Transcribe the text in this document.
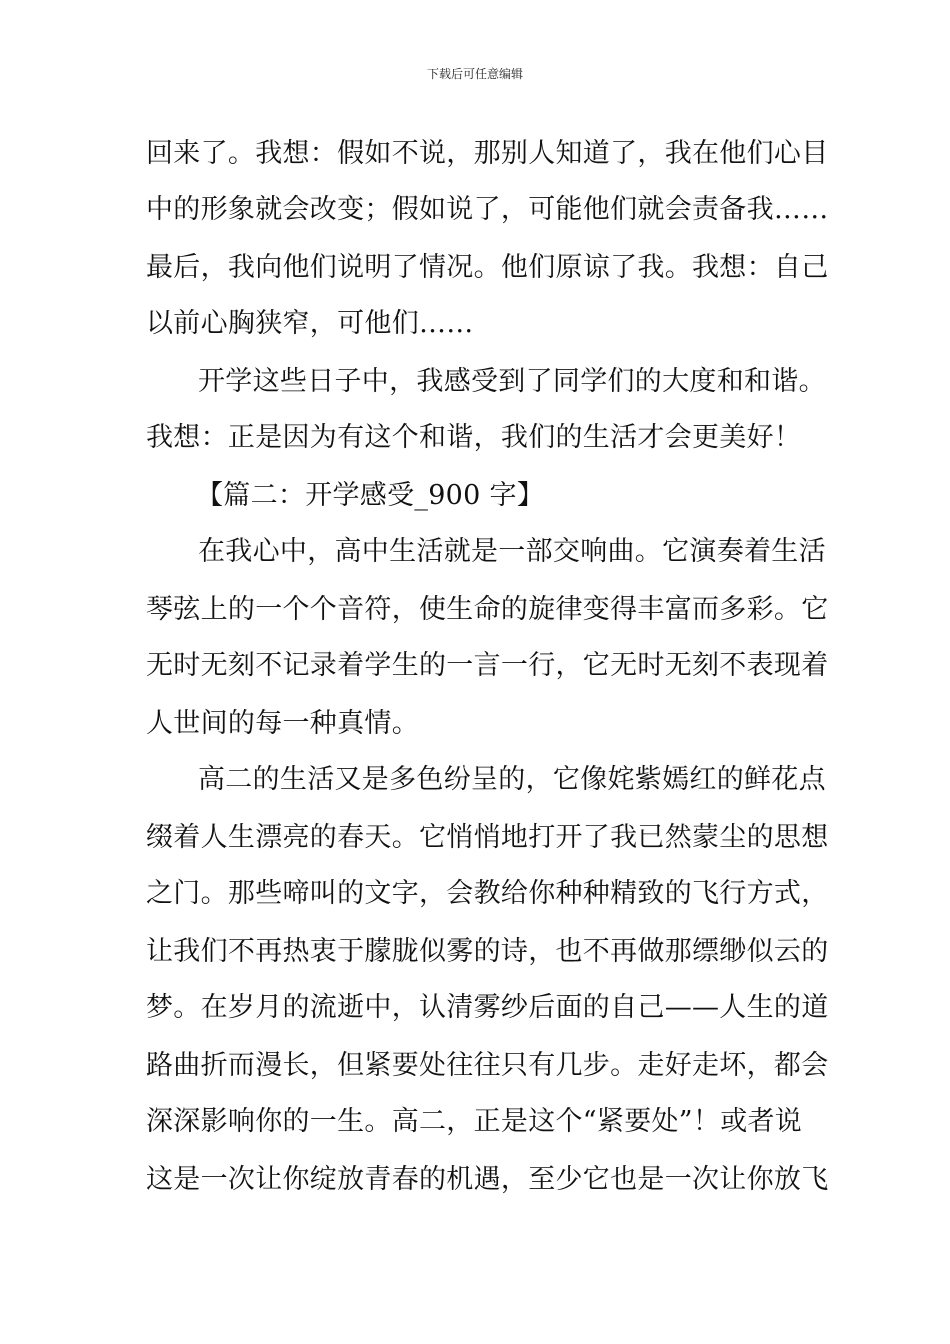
下载后可任意编辑
回来了。我想：假如不说，那别人知道了，我在他们心目
中的形象就会改变；假如说了，可能他们就会责备我……
最后，我向他们说明了情况。他们原谅了我。我想：自己
以前心胸狭窄，可他们……
开学这些日子中，我感受到了同学们的大度和和谐。
我想：正是因为有这个和谐，我们的生活才会更美好！
【篇二：开学感受_900 字】
在我心中，高中生活就是一部交响曲。它演奏着生活
琴弦上的一个个音符，使生命的旋律变得丰富而多彩。它
无时无刻不记录着学生的一言一行，它无时无刻不表现着
人世间的每一种真情。
高二的生活又是多色纷呈的，它像姹紫嫣红的鲜花点
缀着人生漂亮的春天。它悄悄地打开了我已然蒙尘的思想
之门。那些啼叫的文字，会教给你种种精致的飞行方式，
让我们不再热衷于朦胧似雾的诗，也不再做那缥缈似云的
梦。在岁月的流逝中，认清雾纱后面的自己——人生的道
路曲折而漫长，但紧要处往往只有几步。走好走坏，都会
深深影响你的一生。高二，正是这个“紧要处”！或者说
这是一次让你绽放青春的机遇，至少它也是一次让你放飞
